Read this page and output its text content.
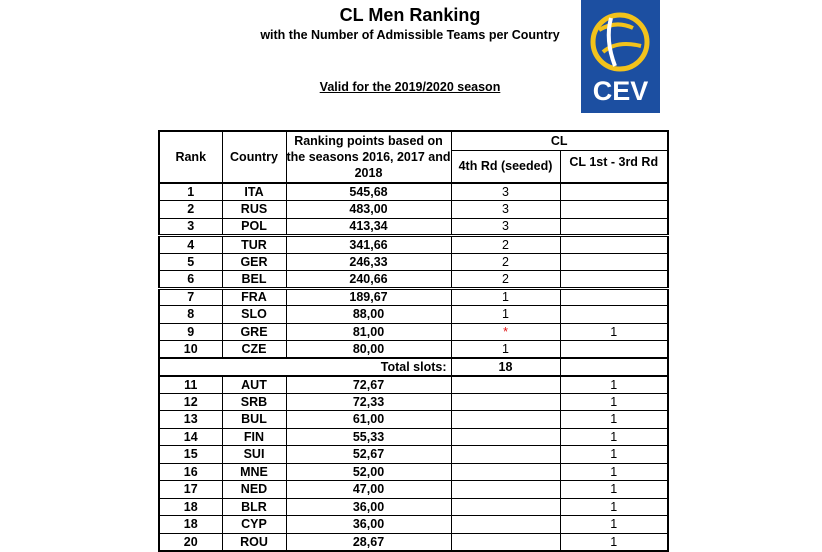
CL Men Ranking
with the Number of Admissible Teams per Country
Valid for the 2019/2020 season	CEV
Rank	Country	Ranking points based on the seasons 2016, 2017 and 2018	CL	
			4th Rd (seeded)	CL 1st - 3rd Rd
1	ITA	545,68	3	
2	RUS	483,00	3	
3	POL	413,34	3	
4	TUR	341,66	2	
5	GER	246,33	2	
6	BEL	240,66	2	
7	FRA	189,67	1	
8	SLO	88,00	1	
9	GRE	81,00	*	1
10	CZE	80,00	1	
Total slots:			18	
11	AUT	72,67		1
12	SRB	72,33		1
13	BUL	61,00		1
14	FIN	55,33		1
15	SUI	52,67		1
16	MNE	52,00		1
17	NED	47,00		1
18	BLR	36,00		1
18	CYP	36,00		1
20	ROU	28,67		1
